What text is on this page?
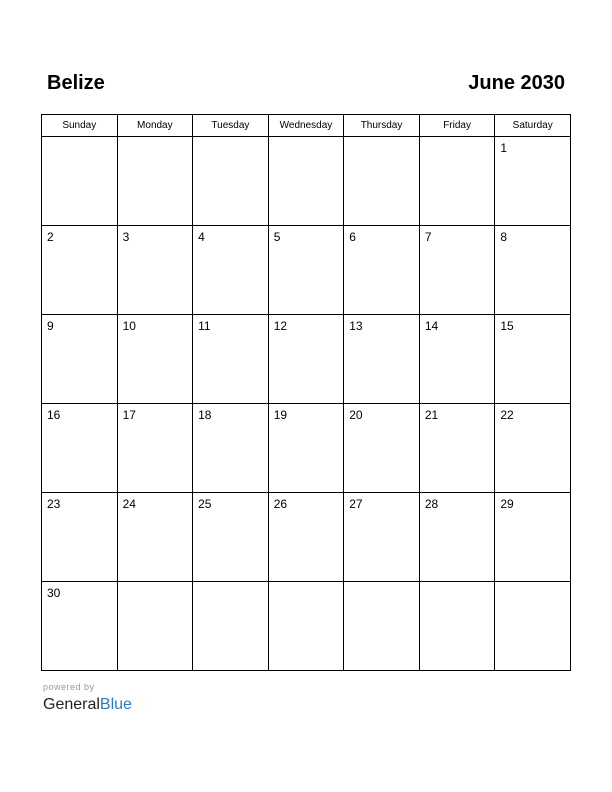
Belize	June 2030
Sunday	Monday	Tuesday	Wednesday	Thursday	Friday	Saturday

						1

2	3	4	5	6	7	8

9	10	11	12	13	14	15

16	17	18	19	20	21	22

23	24	25	26	27	28	29

30						

powered by
GeneralBlue
